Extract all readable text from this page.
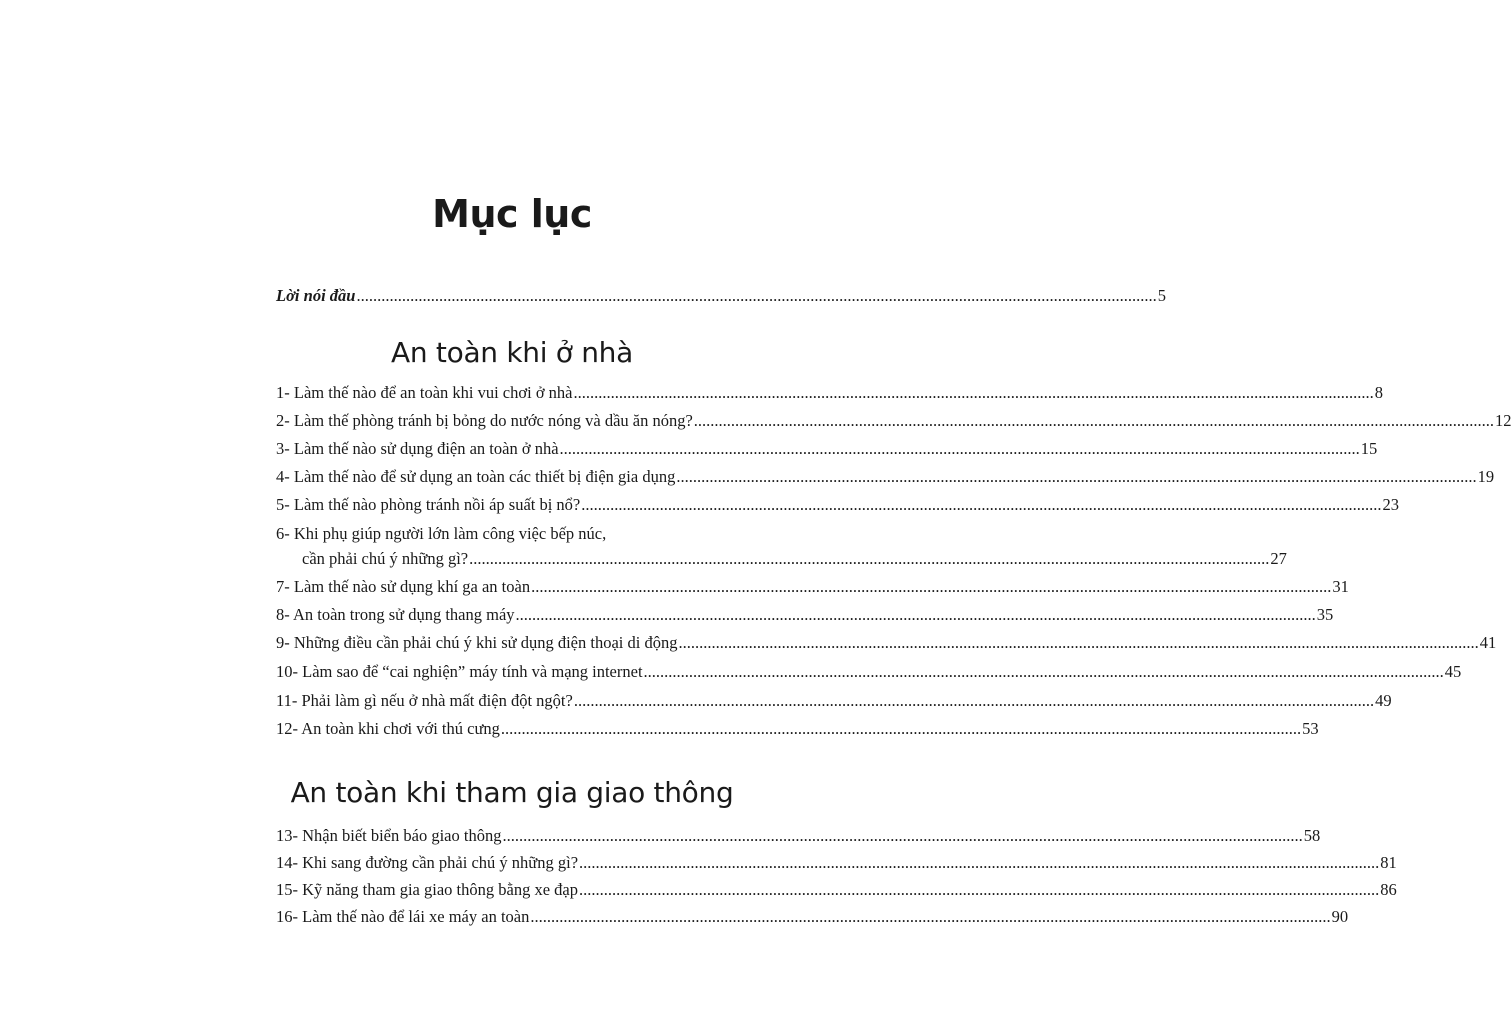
Mục lục
Lời nói đầu .....	5
An toàn khi ở nhà
1- Làm thế nào để an toàn khi vui chơi ở nhà .....	8
2- Làm thế phòng tránh bị bỏng do nước nóng và dầu ăn nóng? .....	12
3- Làm thế nào sử dụng điện an toàn ở nhà .....	15
4- Làm thế nào để sử dụng an toàn các thiết bị điện gia dụng .....	19
5- Làm thế nào phòng tránh nồi áp suất bị nổ? .....	23
6- Khi phụ giúp người lớn làm công việc bếp núc,
cần phải chú ý những gì? .....	27
7- Làm thế nào sử dụng khí ga an toàn .....	31
8- An toàn trong sử dụng thang máy .....	35
9- Những điều cần phải chú ý khi sử dụng điện thoại di động .....	41
10- Làm sao để “cai nghiện” máy tính và mạng internet .....	45
11- Phải làm gì nếu ở nhà mất điện đột ngột? .....	49
12- An toàn khi chơi với thú cưng .....	53
An toàn khi tham gia giao thông
13- Nhận biết biển báo giao thông .....	58
14- Khi sang đường cần phải chú ý những gì? .....	81
15- Kỹ năng tham gia giao thông bằng xe đạp .....	86
16- Làm thế nào để lái xe máy an toàn .....	90
